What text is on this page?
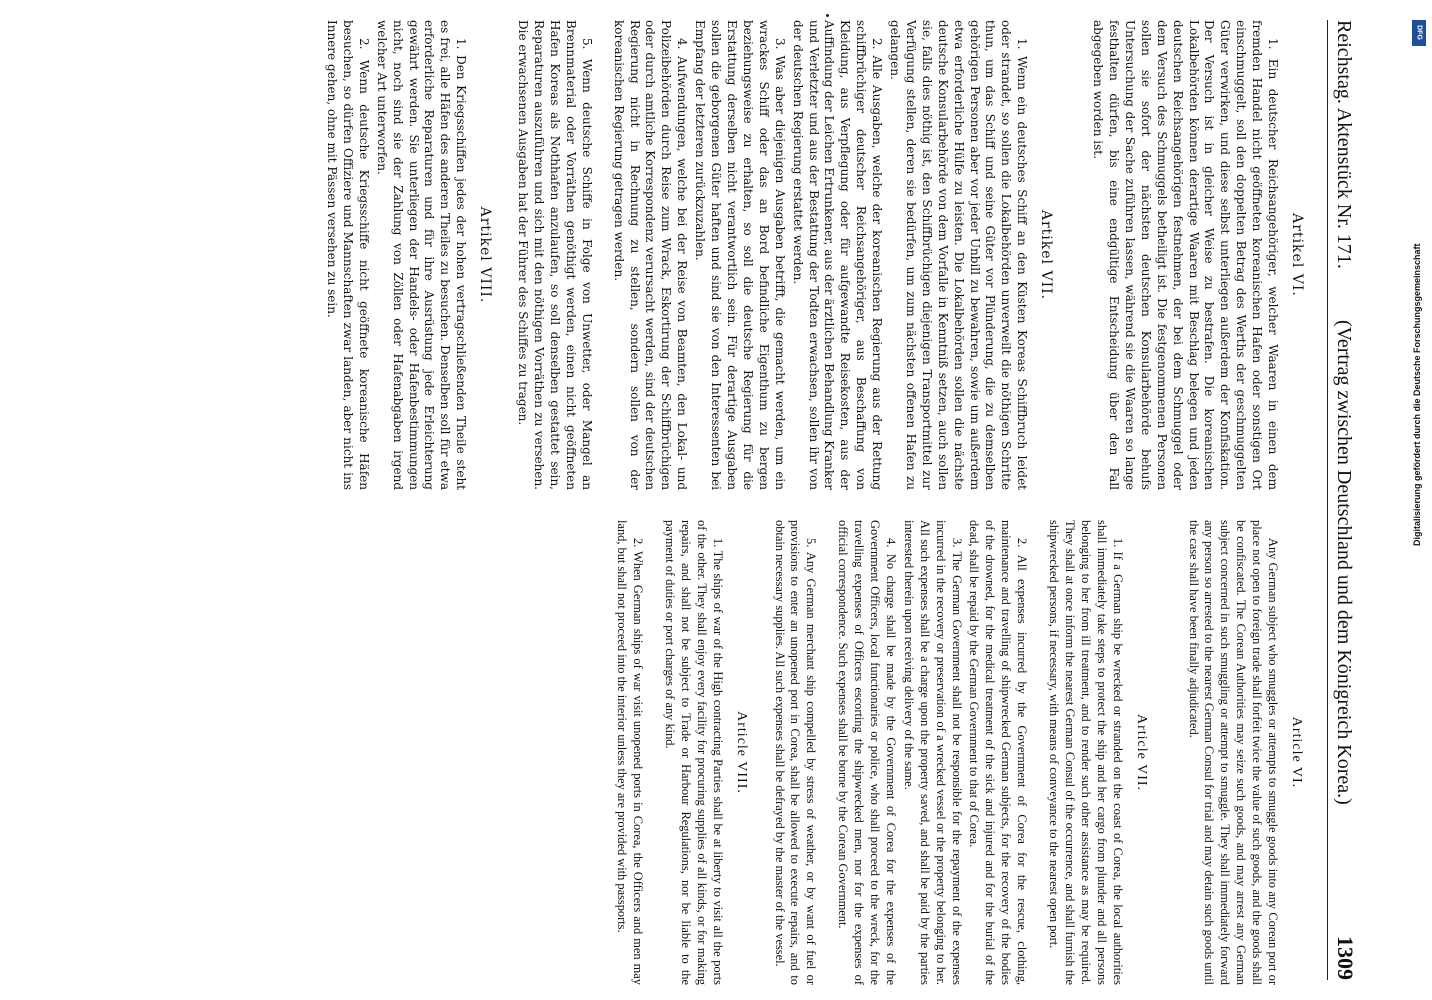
Reichstag. Aktenstück Nr. 171.
(Vertrag zwischen Deutschland und dem Königreich Korea.)
1309
Artikel VI.

1. Ein deutscher Reichsangehöriger, welcher Waaren in einen dem fremden Handel nicht geöffneten koreanischen Hafen oder sonstigen Ort einschmuggelt, soll den doppelten Betrag des Werths der geschmuggelten Güter verwirken, und diese selbst unterliegen außerdem der Konfiskation. Der Versuch ist in gleicher Weise zu bestrafen. Die koreanischen Lokalbehörden können derartige Waaren mit Beschlag belegen und jeden deutschen Reichsangehörigen festnehmen, der bei dem Schmuggel oder dem Versuch des Schmuggels betheiligt ist. Die festgenommenen Personen sollen sie sofort der nächsten deutschen Konsularbehörde behufs Untersuchung der Sache zuführen lassen, während sie die Waaren so lange festhalten dürfen, bis eine endgültige Entscheidung über den Fall abgegeben worden ist.

Artikel VII.

1. Wenn ein deutsches Schiff an den Küsten Koreas Schiffbruch leidet oder strandet, so sollen die Lokalbehörden unverweilt die nöthigen Schritte thun, um das Schiff und seine Güter vor Plünderung, die zu demselben gehörigen Personen aber vor jeder Unbill zu bewahren, sowie um außerdem etwa erforderliche Hülfe zu leisten. Die Lokalbehörden sollen die nächste deutsche Konsularbehörde von dem Vorfalle in Kenntniß setzen, auch sollen sie, falls dies nöthig ist, den Schiffbrüchigen diejenigen Transportmittel zur Verfügung stellen, deren sie bedürfen, um zum nächsten offenen Hafen zu gelangen.

2. Alle Ausgaben, welche der koreanischen Regierung aus der Rettung schiffbrüchiger deutscher Reichsangehöriger, aus Beschaffung von Kleidung, aus Verpflegung oder für aufgewandte Reisekosten, aus der Auffindung der Leichen Ertrunkener, aus der ärztlichen Behandlung Kranker und Verletzter und aus der Bestattung der Todten erwachsen, sollen ihr von der deutschen Regierung erstattet werden.

3. Was aber diejenigen Ausgaben betrifft, die gemacht werden, um ein wrackes Schiff oder das an Bord befindliche Eigenthum zu bergen beziehungsweise zu erhalten, so soll die deutsche Regierung für die Erstattung derselben nicht verantwortlich sein. Für derartige Ausgaben sollen die geborgenen Güter haften und sind sie von den Interessenten bei Empfang der letzteren zurückzuzahlen.

4. Aufwendungen, welche bei der Reise von Beamten, den Lokal- und Polizeibehörden durch Reise zum Wrack, Eskortirung der Schiffbrüchigen oder durch amtliche Korrespondenz verursacht werden, sind der deutschen Regierung nicht in Rechnung zu stellen, sondern sollen von der koreanischen Regierung getragen werden.

5. Wenn deutsche Schiffe in Folge von Unwetter, oder Mangel an Brennmaterial oder Vorräthen genöthigt werden, einen nicht geöffneten Hafen Koreas als Nothhafen anzulaufen, so soll denselben gestattet sein, Reparaturen auszuführen und sich mit den nöthigen Vorräthen zu versehen. Die erwachsenen Ausgaben hat der Führer des Schiffes zu tragen.

Artikel VIII.

1. Den Kriegsschiffen jedes der hohen vertragschließenden Theile steht es frei, alle Häfen des anderen Theiles zu besuchen. Denselben soll für etwa erforderliche Reparaturen und für ihre Ausrüstung jede Erleichterung gewährt werden. Sie unterliegen der Handels- oder Hafenbestimmungen nicht, noch sind sie der Zahlung von Zöllen oder Hafenabgaben irgend welcher Art unterworfen.

2. Wenn deutsche Kriegsschiffe nicht geöffnete koreanische Häfen besuchen, so dürfen Offiziere und Mannschaften zwar landen, aber nicht ins Innere gehen, ohne mit Pässen versehen zu sein.

Article VI.

Any German subject who smuggles or attempts to smuggle goods into any Corean port or place not open to foreign trade shall forfeit twice the value of such goods, and the goods shall be confiscated. The Corean Authorities may seize such goods, and may arrest any German subject concerned in such smuggling or attempt to smuggle. They shall immediately forward any person so arrested to the nearest German Consul for trial and may detain such goods until the case shall have been finally adjudicated.

Article VII.

1. If a German ship be wrecked or stranded on the coast of Corea, the local authorities shall immediately take steps to protect the ship and her cargo from plunder and all persons belonging to her from ill treatment, and to render such other assistance as may be required. They shall at once inform the nearest German Consul of the occurrence, and shall furnish the shipwrecked persons, if necessary, with means of conveyance to the nearest open port.

2. All expenses incurred by the Government of Corea for the rescue, clothing, maintenance and travelling of shipwrecked German subjects, for the recovery of the bodies of the drowned, for the medical treatment of the sick and injured and for the burial of the dead, shall be repaid by the German Government to that of Corea.

3. The German Government shall not be responsible for the repayment of the expenses incurred in the recovery or preservation of a wrecked vessel or the property belonging to her. All such expenses shall be a charge upon the property saved, and shall be paid by the parties interested therein upon receiving delivery of the same.

4. No charge shall be made by the Government of Corea for the expenses of the Government Officers, local functionaries or police, who shall proceed to the wreck, for the travelling expenses of Officers escorting the shipwrecked men, nor for the expenses of official correspondence. Such expenses shall be borne by the Corean Government.

5. Any German merchant ship compelled by stress of weather, or by want of fuel or provisions to enter an unopened port in Corea, shall be allowed to execute repairs, and to obtain necessary supplies. All such expenses shall be defrayed by the master of the vessel.

Article VIII.

1. The ships of war of the High contracting Parties shall be at liberty to visit all the ports of the other. They shall enjoy every facility for procuring supplies of all kinds, or for making repairs, and shall not be subject to Trade or Harbour Regulations, nor be liable to the payment of duties or port charges of any kind.

2. When German ships of war visit unopened ports in Corea, the Officers and men may land, but shall not proceed into the interior unless they are provided with passports.

DFG
Digitalisierung gefördert durch die Deutsche Forschungsgemeinschaft
